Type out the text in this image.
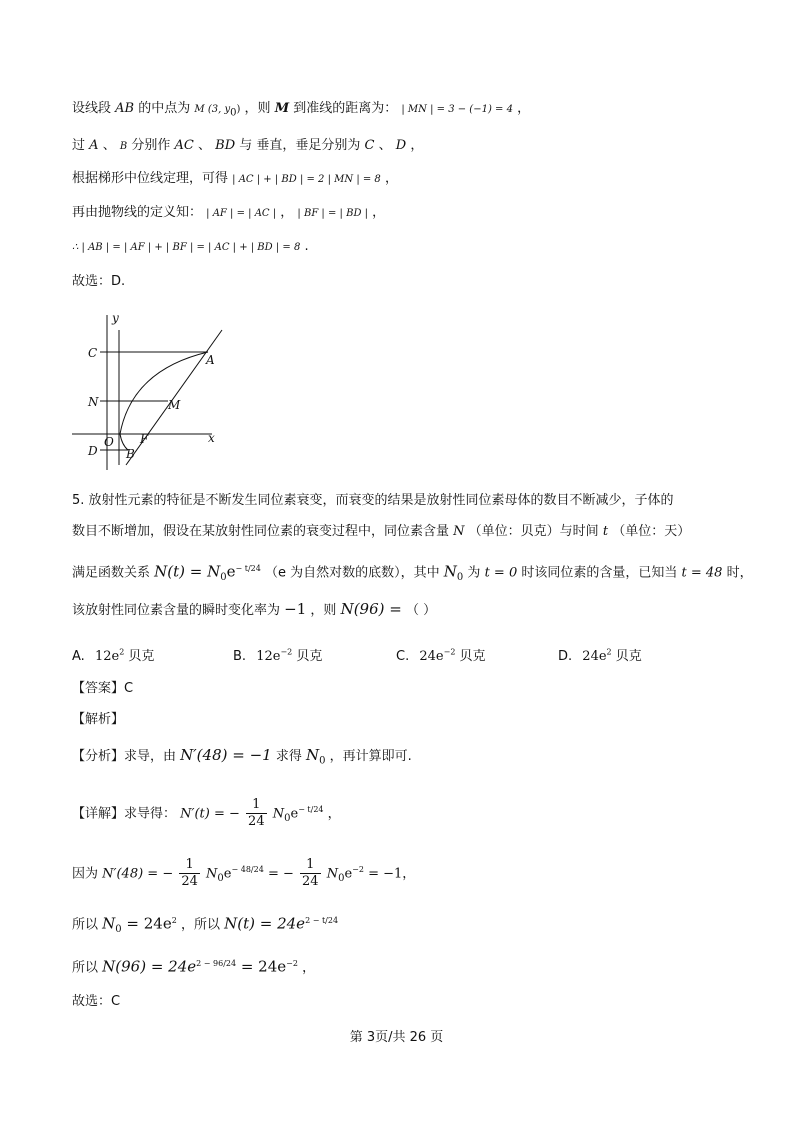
设线段 AB 的中点为 M (3, $y_0$) ，则 M 到准线的距离为： | MN | = 3 − (−1) = 4 ，
过 A 、 B 分别作 AC 、 BD 与 垂直，垂足分别为 C 、 D ，
根据梯形中位线定理，可得 | AC | + | BD | = 2 | MN | = 8 ，
再由抛物线的定义知： | AF | = | AC | ， | BF | = | BD | ，
∴ | AB | = | AF | + | BF | = | AC | + | BD | = 8 .
故选：D.
y
x
C	A
N	M
O F
D B
5. 放射性元素的特征是不断发生同位素衰变，而衰变的结果是放射性同位素母体的数目不断减少，子体的
数目不断增加，假设在某放射性同位素的衰变过程中，同位素含量 N （单位：贝克）与时间 t （单位：天）
满足函数关系 $N(t) = N_0e^{- t/24}$ （e 为自然对数的底数），其中 $N_0$ 为 t = 0 时该同位素的含量，已知当 t = 48 时，
该放射性同位素含量的瞬时变化率为 −1 ，则 N(96) = （ ）
A. $12e^2$ 贝克	B. $12e^{-2}$ 贝克	C. $24e^{-2}$ 贝克	D. $24e^2$ 贝克
【答案】C
【解析】
【分析】求导，由 N′(48) = −1 求得 $N_0$ ，再计算即可.
【详解】求导得： N′(t) = − $\frac{1}{24} N_0e^{- t/24}$ ，
因为 N′(48) = − $\frac{1}{24} N_0e^{- 48/24}$ = − $\frac{1}{24} N_0e^{-2} = -1$，
所以 $N_0 = 24e^2$ ，所以 $N(t) = 24e^{2 - t/24}$
所以 $N(96) = 24e^{2 - 96/24} = 24e^{-2}$ ，
故选：C
第 3页/共 26 页
